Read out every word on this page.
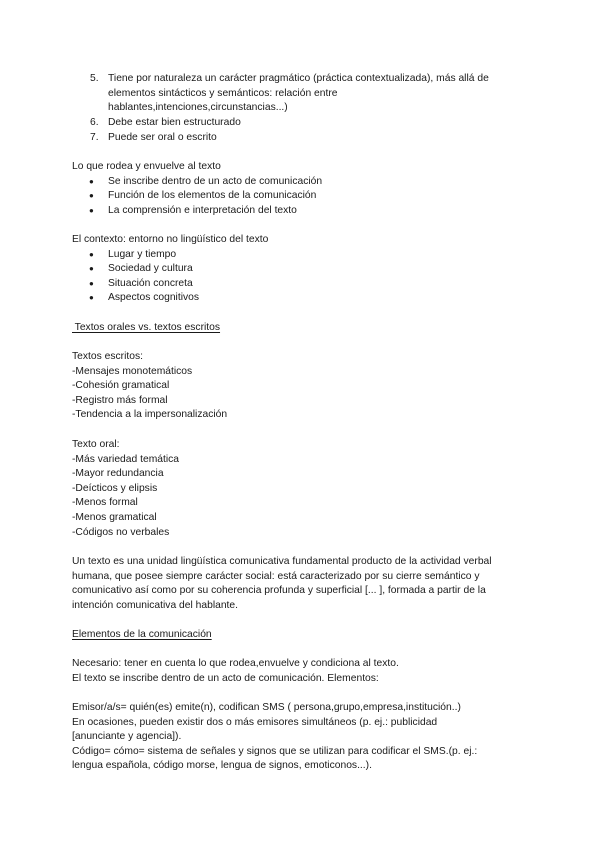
5. Tiene por naturaleza un carácter pragmático (práctica contextualizada), más allá de
elementos sintácticos y semánticos: relación entre
hablantes,intenciones,circunstancias...)
6. Debe estar bien estructurado
7. Puede ser oral o escrito
Lo que rodea y envuelve al texto
● Se inscribe dentro de un acto de comunicación
● Función de los elementos de la comunicación
● La comprensión e interpretación del texto
El contexto: entorno no lingüístico del texto
● Lugar y tiempo
● Sociedad y cultura
● Situación concreta
● Aspectos cognitivos
Textos orales vs. textos escritos
Textos escritos:
-Mensajes monotemáticos
-Cohesión gramatical
-Registro más formal
-Tendencia a la impersonalización
Texto oral:
-Más variedad temática
-Mayor redundancia
-Deícticos y elipsis
-Menos formal
-Menos gramatical
-Códigos no verbales
Un texto es una unidad lingüística comunicativa fundamental producto de la actividad verbal
humana, que posee siempre carácter social: está caracterizado por su cierre semántico y
comunicativo así como por su coherencia profunda y superficial [... ], formada a partir de la
intención comunicativa del hablante.
Elementos de la comunicación
Necesario: tener en cuenta lo que rodea,envuelve y condiciona al texto.
El texto se inscribe dentro de un acto de comunicación. Elementos:
Emisor/a/s= quién(es) emite(n), codifican SMS ( persona,grupo,empresa,institución..)
En ocasiones, pueden existir dos o más emisores simultáneos (p. ej.: publicidad
[anunciante y agencia]).
Código= cómo= sistema de señales y signos que se utilizan para codificar el SMS.(p. ej.:
lengua española, código morse, lengua de signos, emoticonos...).
